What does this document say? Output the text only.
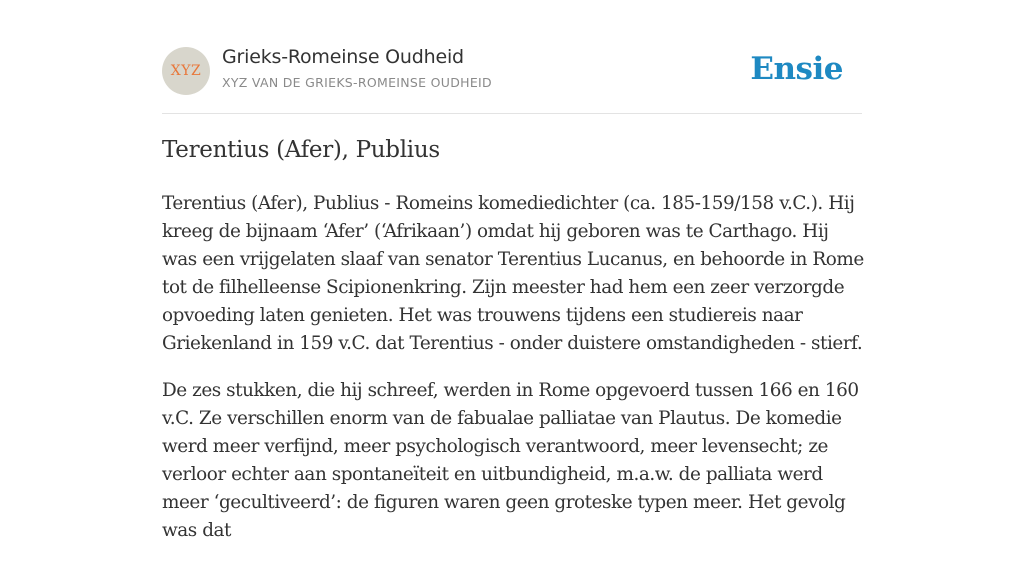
XYZ
Grieks-Romeinse Oudheid
XYZ VAN DE GRIEKS-ROMEINSE OUDHEID	Ensie
Terentius (Afer), Publius

Terentius (Afer), Publius - Romeins komediedichter (ca. 185-159/158 v.C.). Hij kreeg de bijnaam ‘Afer’ (‘Afrikaan’) omdat hij geboren was te Carthago. Hij was een vrijgelaten slaaf van senator Terentius Lucanus, en behoorde in Rome tot de filhelleense Scipionenkring. Zijn meester had hem een zeer verzorgde opvoeding laten genieten. Het was trouwens tijdens een studiereis naar Griekenland in 159 v.C. dat Terentius - onder duistere omstandigheden - stierf.

De zes stukken, die hij schreef, werden in Rome opgevoerd tussen 166 en 160 v.C. Ze verschillen enorm van de fabualae palliatae van Plautus. De komedie werd meer verfijnd, meer psychologisch verantwoord, meer levensecht; ze verloor echter aan spontaneïteit en uitbundigheid, m.a.w. de palliata werd meer ‘gecultiveerd’: de figuren waren geen groteske typen meer. Het gevolg was dat
